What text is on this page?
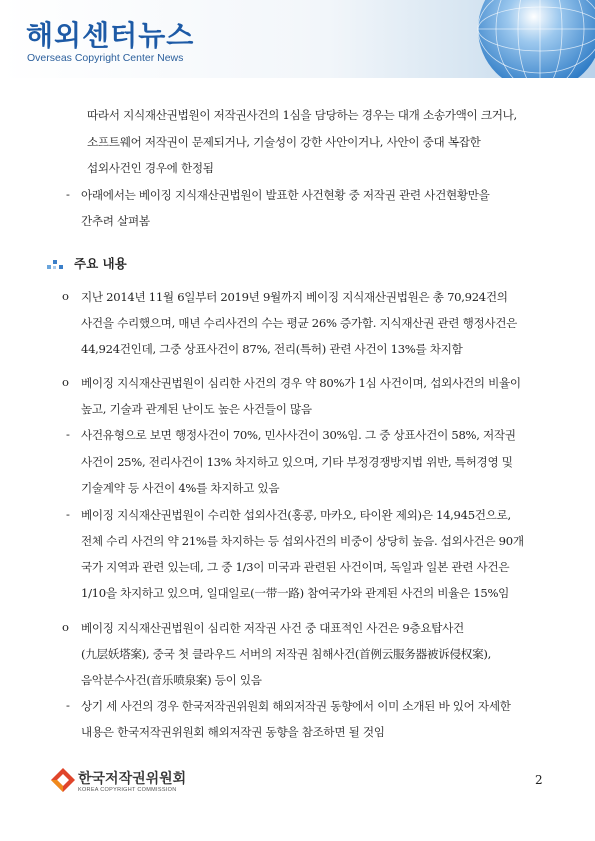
해외센터뉴스
Overseas Copyright Center News
따라서 지식재산권법원이 저작권사건의 1심을 담당하는 경우는 대개 소송가액이 크거나,
소프트웨어 저작권이 문제되거나, 기술성이 강한 사안이거나, 사안이 중대 복잡한
섭외사건인 경우에 한정됨
- 아래에서는 베이징 지식재산권법원이 발표한 사건현황 중 저작권 관련 사건현황만을
간추려 살펴봄
주요 내용
o 지난 2014년 11월 6일부터 2019년 9월까지 베이징 지식재산권법원은 총 70,924건의
사건을 수리했으며, 매년 수리사건의 수는 평균 26% 증가함. 지식재산권 관련 행정사건은
44,924건인데, 그중 상표사건이 87%, 전리(특허) 관련 사건이 13%를 차지함
o 베이징 지식재산권법원이 심리한 사건의 경우 약 80%가 1심 사건이며, 섭외사건의 비율이
높고, 기술과 관계된 난이도 높은 사건들이 많음
- 사건유형으로 보면 행정사건이 70%, 민사사건이 30%임. 그 중 상표사건이 58%, 저작권
사건이 25%, 전리사건이 13% 차지하고 있으며, 기타 부정경쟁방지법 위반, 특허경영 및
기술계약 등 사건이 4%를 차지하고 있음
- 베이징 지식재산권법원이 수리한 섭외사건(홍콩, 마카오, 타이완 제외)은 14,945건으로,
전체 수리 사건의 약 21%를 차지하는 등 섭외사건의 비중이 상당히 높음. 섭외사건은 90개
국가 지역과 관련 있는데, 그 중 1/3이 미국과 관련된 사건이며, 독일과 일본 관련 사건은
1/10을 차지하고 있으며, 일대일로(一带一路) 참여국가와 관계된 사건의 비율은 15%임
o 베이징 지식재산권법원이 심리한 저작권 사건 중 대표적인 사건은 9층요탑사건
(九层妖塔案), 중국 첫 클라우드 서버의 저작권 침해사건(首例云服务器被诉侵权案),
음악분수사건(音乐喷泉案) 등이 있음
- 상기 세 사건의 경우 한국저작권위원회 해외저작권 동향에서 이미 소개된 바 있어 자세한
내용은 한국저작권위원회 해외저작권 동향을 참조하면 될 것임
한국저작권위원회
KOREA COPYRIGHT COMMISSION
2
